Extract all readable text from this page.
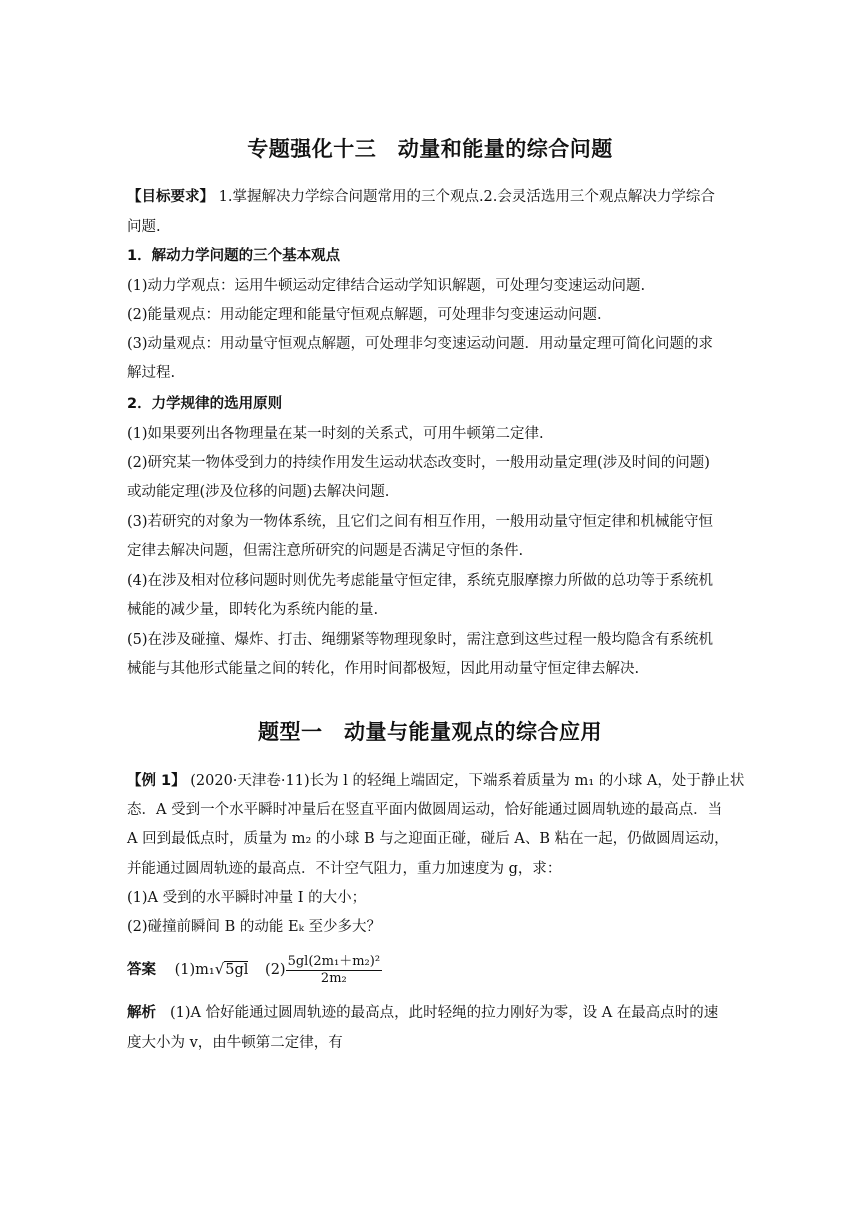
专题强化十三　动量和能量的综合问题
【目标要求】 1.掌握解决力学综合问题常用的三个观点.2.会灵活选用三个观点解决力学综合
问题.
1．解动力学问题的三个基本观点
(1)动力学观点：运用牛顿运动定律结合运动学知识解题，可处理匀变速运动问题.
(2)能量观点：用动能定理和能量守恒观点解题，可处理非匀变速运动问题.
(3)动量观点：用动量守恒观点解题，可处理非匀变速运动问题．用动量定理可简化问题的求
解过程.
2．力学规律的选用原则
(1)如果要列出各物理量在某一时刻的关系式，可用牛顿第二定律.
(2)研究某一物体受到力的持续作用发生运动状态改变时，一般用动量定理(涉及时间的问题)
或动能定理(涉及位移的问题)去解决问题.
(3)若研究的对象为一物体系统，且它们之间有相互作用，一般用动量守恒定律和机械能守恒
定律去解决问题，但需注意所研究的问题是否满足守恒的条件.
(4)在涉及相对位移问题时则优先考虑能量守恒定律，系统克服摩擦力所做的总功等于系统机
械能的减少量，即转化为系统内能的量.
(5)在涉及碰撞、爆炸、打击、绳绷紧等物理现象时，需注意到这些过程一般均隐含有系统机
械能与其他形式能量之间的转化，作用时间都极短，因此用动量守恒定律去解决.
题型一　动量与能量观点的综合应用
【例 1】 (2020·天津卷·11)长为 l 的轻绳上端固定，下端系着质量为 m₁ 的小球 A，处于静止状
态．A 受到一个水平瞬时冲量后在竖直平面内做圆周运动，恰好能通过圆周轨迹的最高点．当
A 回到最低点时，质量为 m₂ 的小球 B 与之迎面正碰，碰后 A、B 粘在一起，仍做圆周运动，
并能通过圆周轨迹的最高点．不计空气阻力，重力加速度为 g，求：
(1)A 受到的水平瞬时冲量 I 的大小；
(2)碰撞前瞬间 B 的动能 Eₖ 至少多大？
答案 (1)m₁√5gl $(2) \frac{\text{5gl(2m₁＋m₂)²}}{\text{2m₂}}$
解析 (1)A 恰好能通过圆周轨迹的最高点，此时轻绳的拉力刚好为零，设 A 在最高点时的速
度大小为 v，由牛顿第二定律，有
